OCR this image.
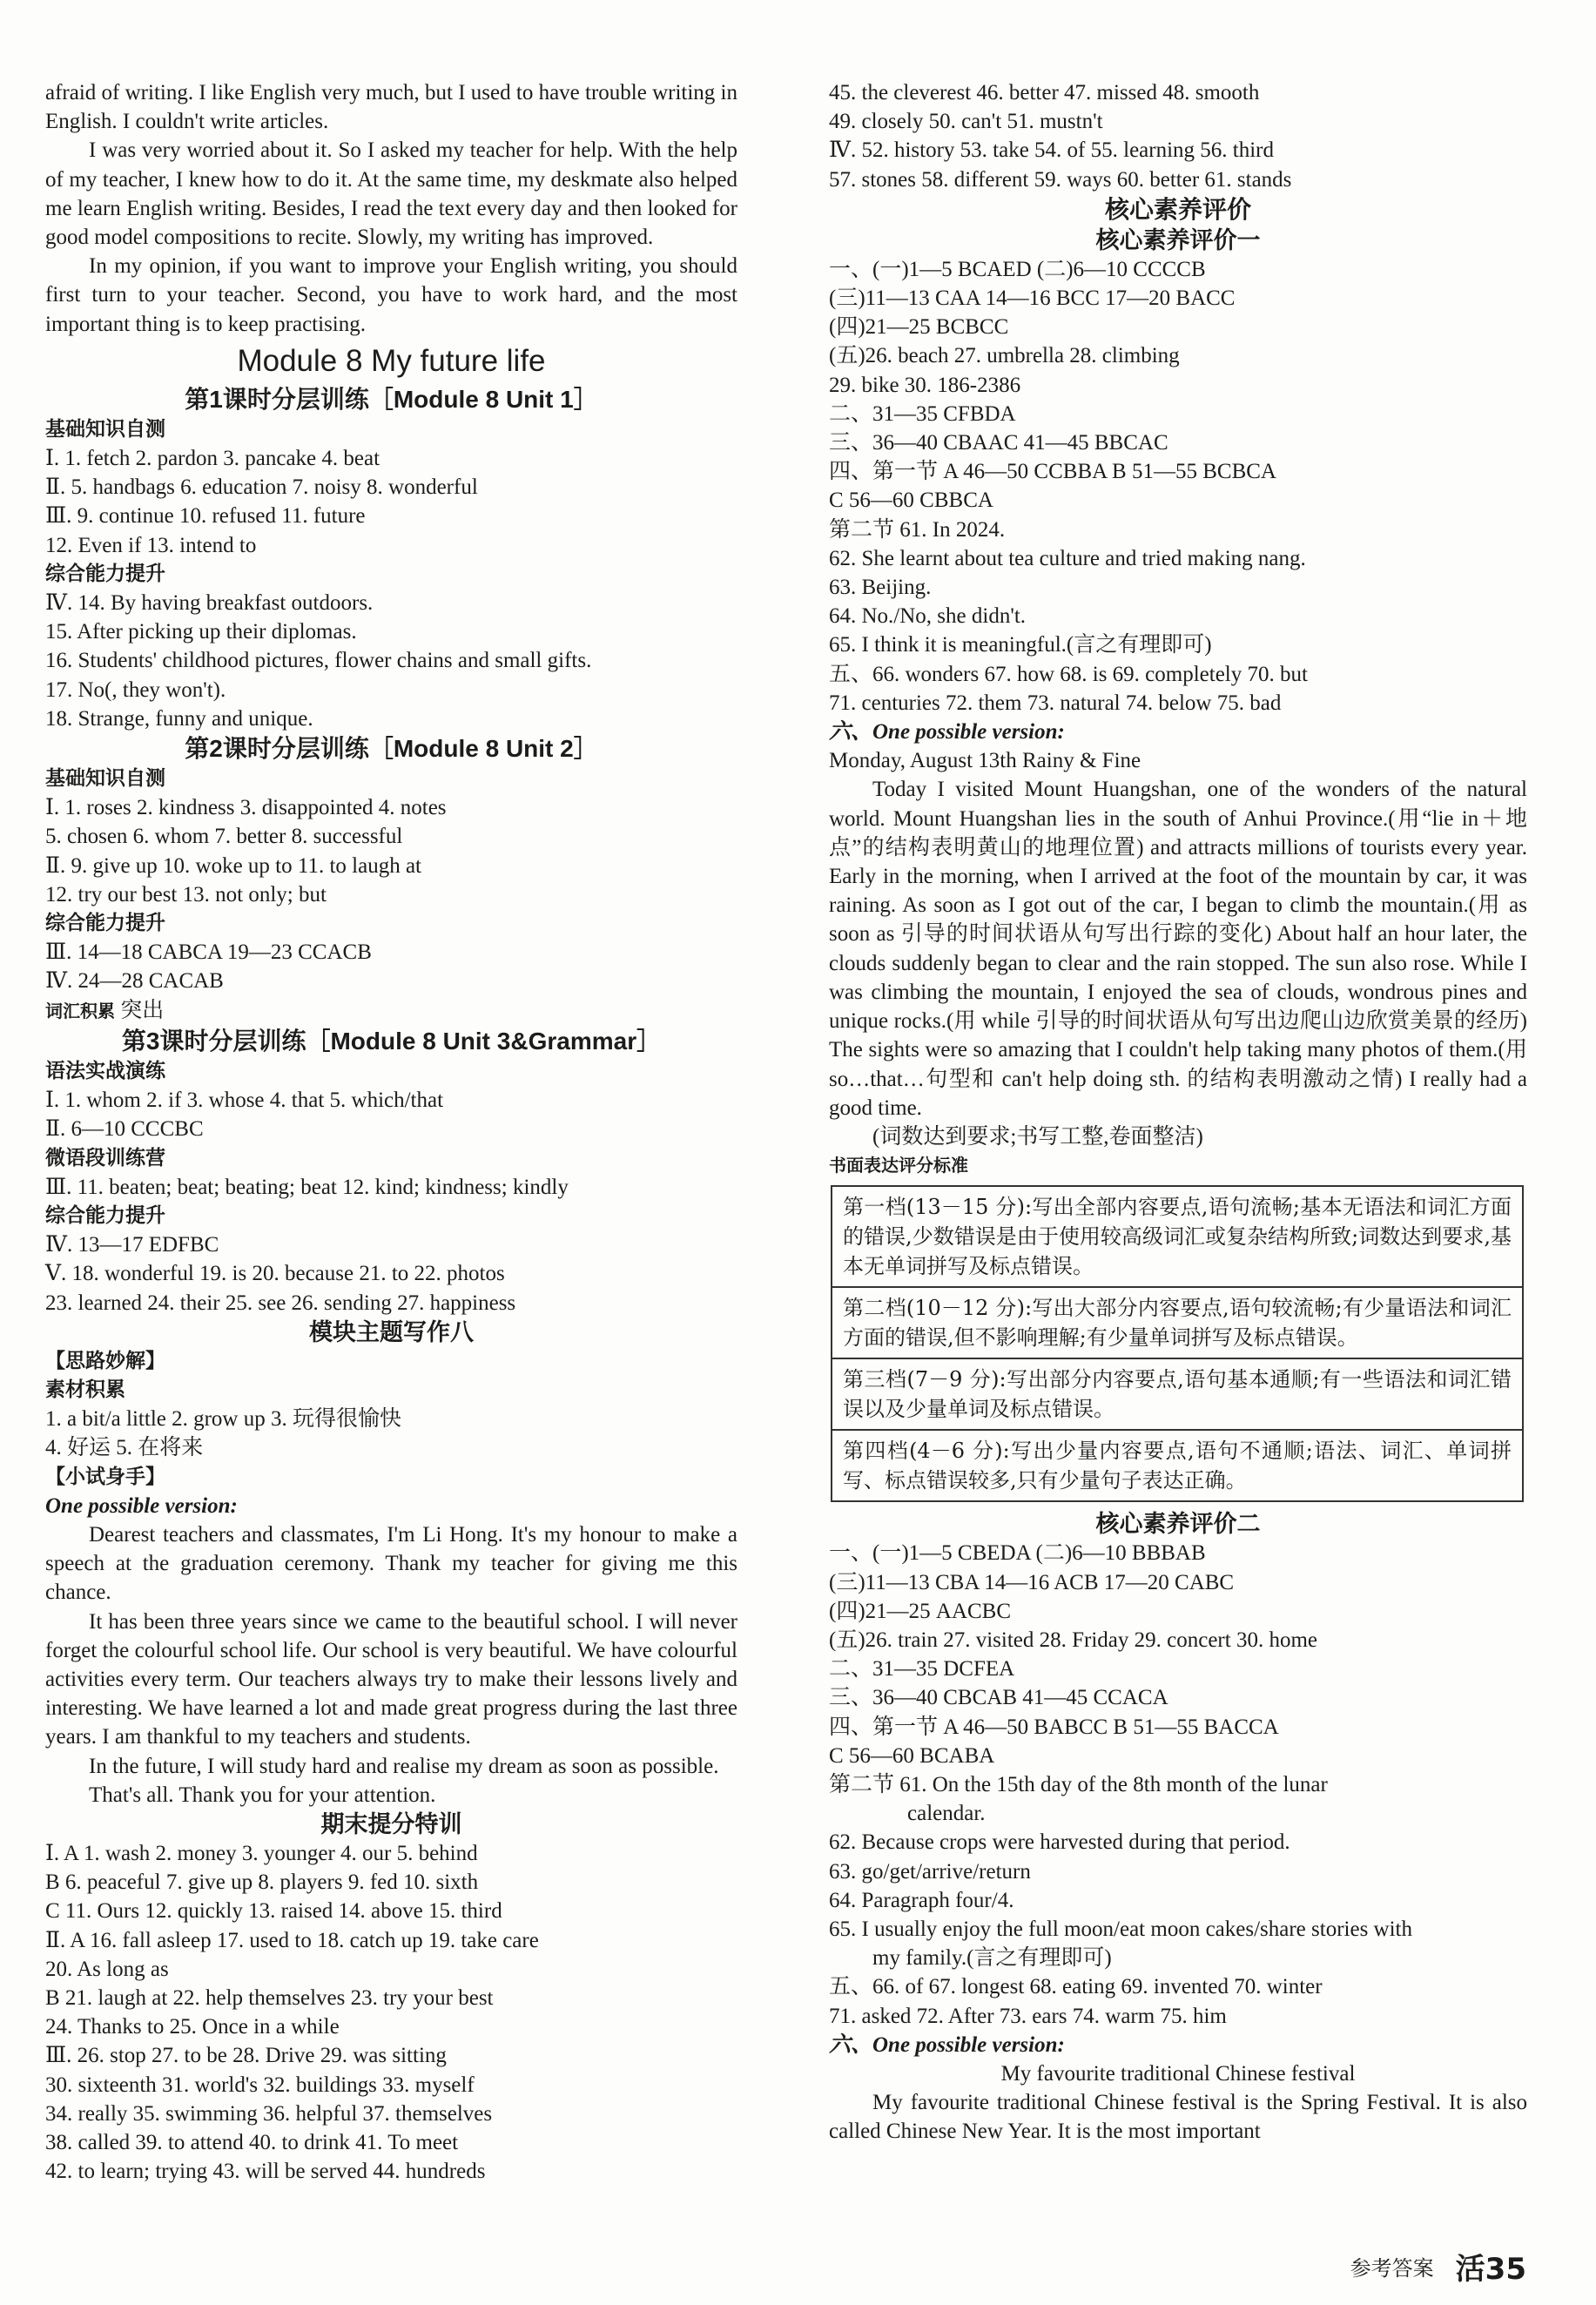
afraid of writing. I like English very much, but I used to have trouble writing in English. I couldn't write articles.
I was very worried about it. So I asked my teacher for help. With the help of my teacher, I knew how to do it. At the same time, my deskmate also helped me learn English writing. Besides, I read the text every day and then looked for good model compositions to recite. Slowly, my writing has improved.
In my opinion, if you want to improve your English writing, you should first turn to your teacher. Second, you have to work hard, and the most important thing is to keep practising.
Module 8 My future life
第1课时分层训练［Module 8 Unit 1］
基础知识自测
Ⅰ. 1. fetch 2. pardon 3. pancake 4. beat
Ⅱ. 5. handbags 6. education 7. noisy 8. wonderful
Ⅲ. 9. continue 10. refused 11. future
12. Even if 13. intend to
综合能力提升
Ⅳ. 14. By having breakfast outdoors.
15. After picking up their diplomas.
16. Students' childhood pictures, flower chains and small gifts.
17. No(, they won't).
18. Strange, funny and unique.
第2课时分层训练［Module 8 Unit 2］
基础知识自测
Ⅰ. 1. roses 2. kindness 3. disappointed 4. notes
5. chosen 6. whom 7. better 8. successful
Ⅱ. 9. give up 10. woke up to 11. to laugh at
12. try our best 13. not only; but
综合能力提升
Ⅲ. 14—18 CABCA 19—23 CCACB
Ⅳ. 24—28 CACAB
词汇积累 突出
第3课时分层训练［Module 8 Unit 3&Grammar］
语法实战演练
Ⅰ. 1. whom 2. if 3. whose 4. that 5. which/that
Ⅱ. 6—10 CCCBC
微语段训练营
Ⅲ. 11. beaten; beat; beating; beat 12. kind; kindness; kindly
综合能力提升
Ⅳ. 13—17 EDFBC
Ⅴ. 18. wonderful 19. is 20. because 21. to 22. photos
23. learned 24. their 25. see 26. sending 27. happiness
模块主题写作八
【思路妙解】
素材积累
1. a bit/a little 2. grow up 3. 玩得很愉快
4. 好运 5. 在将来
【小试身手】
One possible version:
Dearest teachers and classmates, I'm Li Hong. It's my honour to make a speech at the graduation ceremony. Thank my teacher for giving me this chance.
It has been three years since we came to the beautiful school. I will never forget the colourful school life. Our school is very beautiful. We have colourful activities every term. Our teachers always try to make their lessons lively and interesting. We have learned a lot and made great progress during the last three years. I am thankful to my teachers and students.
In the future, I will study hard and realise my dream as soon as possible.
That's all. Thank you for your attention.
期末提分特训
Ⅰ. A 1. wash 2. money 3. younger 4. our 5. behind
B 6. peaceful 7. give up 8. players 9. fed 10. sixth
C 11. Ours 12. quickly 13. raised 14. above 15. third
Ⅱ. A 16. fall asleep 17. used to 18. catch up 19. take care
20. As long as
B 21. laugh at 22. help themselves 23. try your best
24. Thanks to 25. Once in a while
Ⅲ. 26. stop 27. to be 28. Drive 29. was sitting
30. sixteenth 31. world's 32. buildings 33. myself
34. really 35. swimming 36. helpful 37. themselves
38. called 39. to attend 40. to drink 41. To meet
42. to learn; trying 43. will be served 44. hundreds
45. the cleverest 46. better 47. missed 48. smooth
49. closely 50. can't 51. mustn't
Ⅳ. 52. history 53. take 54. of 55. learning 56. third
57. stones 58. different 59. ways 60. better 61. stands
核心素养评价
核心素养评价一
一、(一)1—5 BCAED (二)6—10 CCCCB
(三)11—13 CAA 14—16 BCC 17—20 BACC
(四)21—25 BCBCC
(五)26. beach 27. umbrella 28. climbing
29. bike 30. 186-2386
二、31—35 CFBDA
三、36—40 CBAAC 41—45 BBCAC
四、第一节 A 46—50 CCBBA B 51—55 BCBCA
C 56—60 CBBCA
第二节 61. In 2024.
62. She learnt about tea culture and tried making nang.
63. Beijing.
64. No./No, she didn't.
65. I think it is meaningful.(言之有理即可)
五、66. wonders 67. how 68. is 69. completely 70. but
71. centuries 72. them 73. natural 74. below 75. bad
六、One possible version:
Monday, August 13th Rainy & Fine
Today I visited Mount Huangshan, one of the wonders of the natural world. Mount Huangshan lies in the south of Anhui Province.(用“lie in＋地点”的结构表明黄山的地理位置) and attracts millions of tourists every year. Early in the morning, when I arrived at the foot of the mountain by car, it was raining. As soon as I got out of the car, I began to climb the mountain.(用 as soon as 引导的时间状语从句写出行踪的变化) About half an hour later, the clouds suddenly began to clear and the rain stopped. The sun also rose. While I was climbing the mountain, I enjoyed the sea of clouds, wondrous pines and unique rocks.(用 while 引导的时间状语从句写出边爬山边欣赏美景的经历) The sights were so amazing that I couldn't help taking many photos of them.(用 so…that…句型和 can't help doing sth. 的结构表明激动之情) I really had a good time.
(词数达到要求;书写工整,卷面整洁)
书面表达评分标准
第一档(13－15 分):写出全部内容要点,语句流畅;基本无语法和词汇方面的错误,少数错误是由于使用较高级词汇或复杂结构所致;词数达到要求,基本无单词拼写及标点错误。
第二档(10－12 分):写出大部分内容要点,语句较流畅;有少量语法和词汇方面的错误,但不影响理解;有少量单词拼写及标点错误。
第三档(7－9 分):写出部分内容要点,语句基本通顺;有一些语法和词汇错误以及少量单词及标点错误。
第四档(4－6 分):写出少量内容要点,语句不通顺;语法、词汇、单词拼写、标点错误较多,只有少量句子表达正确。
核心素养评价二
一、(一)1—5 CBEDA (二)6—10 BBBAB
(三)11—13 CBA 14—16 ACB 17—20 CABC
(四)21—25 AACBC
(五)26. train 27. visited 28. Friday 29. concert 30. home
二、31—35 DCFEA
三、36—40 CBCAB 41—45 CCACA
四、第一节 A 46—50 BABCC B 51—55 BACCA
C 56—60 BCABA
第二节 61. On the 15th day of the 8th month of the lunar
calendar.
62. Because crops were harvested during that period.
63. go/get/arrive/return
64. Paragraph four/4.
65. I usually enjoy the full moon/eat moon cakes/share stories with
my family.(言之有理即可)
五、66. of 67. longest 68. eating 69. invented 70. winter
71. asked 72. After 73. ears 74. warm 75. him
六、One possible version:
My favourite traditional Chinese festival
My favourite traditional Chinese festival is the Spring Festival. It is also called Chinese New Year. It is the most important
参考答案 活35
